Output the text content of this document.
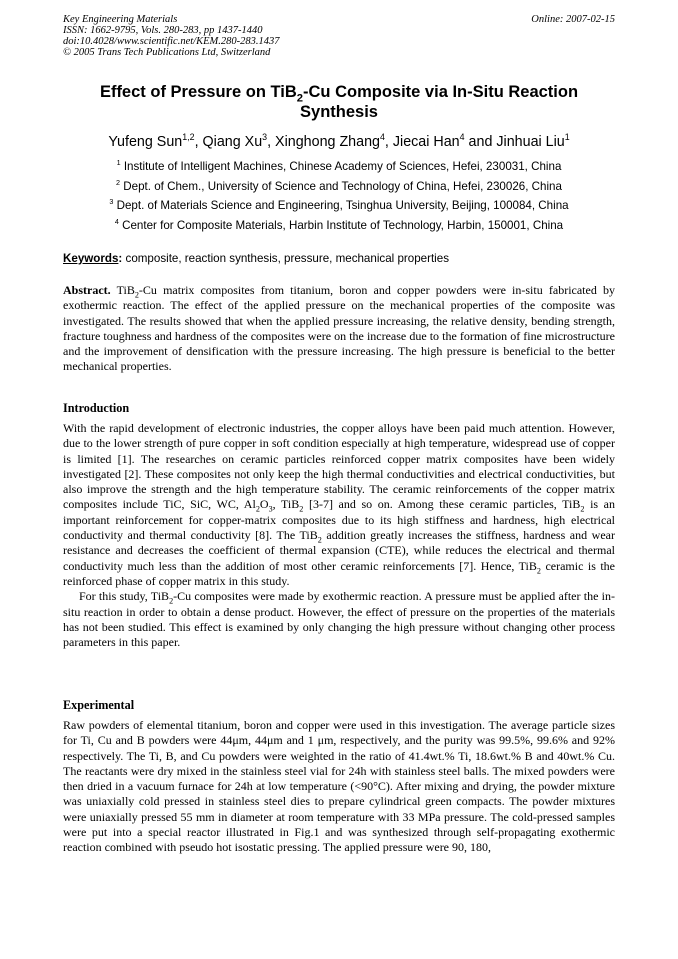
Key Engineering Materials
ISSN: 1662-9795, Vols. 280-283, pp 1437-1440
doi:10.4028/www.scientific.net/KEM.280-283.1437
© 2005 Trans Tech Publications Ltd, Switzerland
Online: 2007-02-15
Effect of Pressure on TiB$_2$-Cu Composite via In-Situ Reaction Synthesis
Yufeng Sun$^{1,2}$, Qiang Xu$^3$, Xinghong Zhang$^4$, Jiecai Han$^4$ and Jinhuai Liu$^1$
$^1$ Institute of Intelligent Machines, Chinese Academy of Sciences, Hefei, 230031, China
$^2$ Dept. of Chem., University of Science and Technology of China, Hefei, 230026, China
$^3$ Dept. of Materials Science and Engineering, Tsinghua University, Beijing, 100084, China
$^4$ Center for Composite Materials, Harbin Institute of Technology, Harbin, 150001, China
Keywords: composite, reaction synthesis, pressure, mechanical properties

Abstract. TiB$_2$-Cu matrix composites from titanium, boron and copper powders were in-situ fabricated by exothermic reaction. The effect of the applied pressure on the mechanical properties of the composite was investigated. The results showed that when the applied pressure increasing, the relative density, bending strength, fracture toughness and hardness of the composites were on the increase due to the formation of fine microstructure and the improvement of densification with the pressure increasing. The high pressure is beneficial to the better mechanical properties.

Introduction

With the rapid development of electronic industries, the copper alloys have been paid much attention. However, due to the lower strength of pure copper in soft condition especially at high temperature, widespread use of copper is limited [1]. The researches on ceramic particles reinforced copper matrix composites have been widely investigated [2]. These composites not only keep the high thermal conductivities and electrical conductivities, but also improve the strength and the high temperature stability. The ceramic reinforcements of the copper matrix composites include TiC, SiC, WC, $Al_2O_3$, TiB$_2$ [3-7] and so on. Among these ceramic particles, TiB$_2$ is an important reinforcement for copper-matrix composites due to its high stiffness and hardness, high electrical conductivity and thermal conductivity [8]. The TiB$_2$ addition greatly increases the stiffness, hardness and wear resistance and decreases the coefficient of thermal expansion (CTE), while reduces the electrical and thermal conductivity much less than the addition of most other ceramic reinforcements [7]. Hence, TiB$_2$ ceramic is the reinforced phase of copper matrix in this study.

For this study, TiB$_2$-Cu composites were made by exothermic reaction. A pressure must be applied after the in-situ reaction in order to obtain a dense product. However, the effect of pressure on the properties of the materials has not been studied. This effect is examined by only changing the high pressure without changing other process parameters in this paper.

Experimental

Raw powders of elemental titanium, boron and copper were used in this investigation. The average particle sizes for Ti, Cu and B powders were 44μm, 44μm and 1 μm, respectively, and the purity was 99.5%, 99.6% and 92% respectively. The Ti, B, and Cu powders were weighted in the ratio of 41.4wt.% Ti, 18.6wt.% B and 40wt.% Cu. The reactants were dry mixed in the stainless steel vial for 24h with stainless steel balls. The mixed powders were then dried in a vacuum furnace for 24h at low temperature (<90°C). After mixing and drying, the powder mixture was uniaxially cold pressed in stainless steel dies to prepare cylindrical green compacts. The powder mixtures were uniaxially pressed 55 mm in diameter at room temperature with 33 MPa pressure. The cold-pressed samples were put into a special reactor illustrated in Fig.1 and was synthesized through self-propagating exothermic reaction combined with pseudo hot isostatic pressing. The applied pressure were 90, 180,
